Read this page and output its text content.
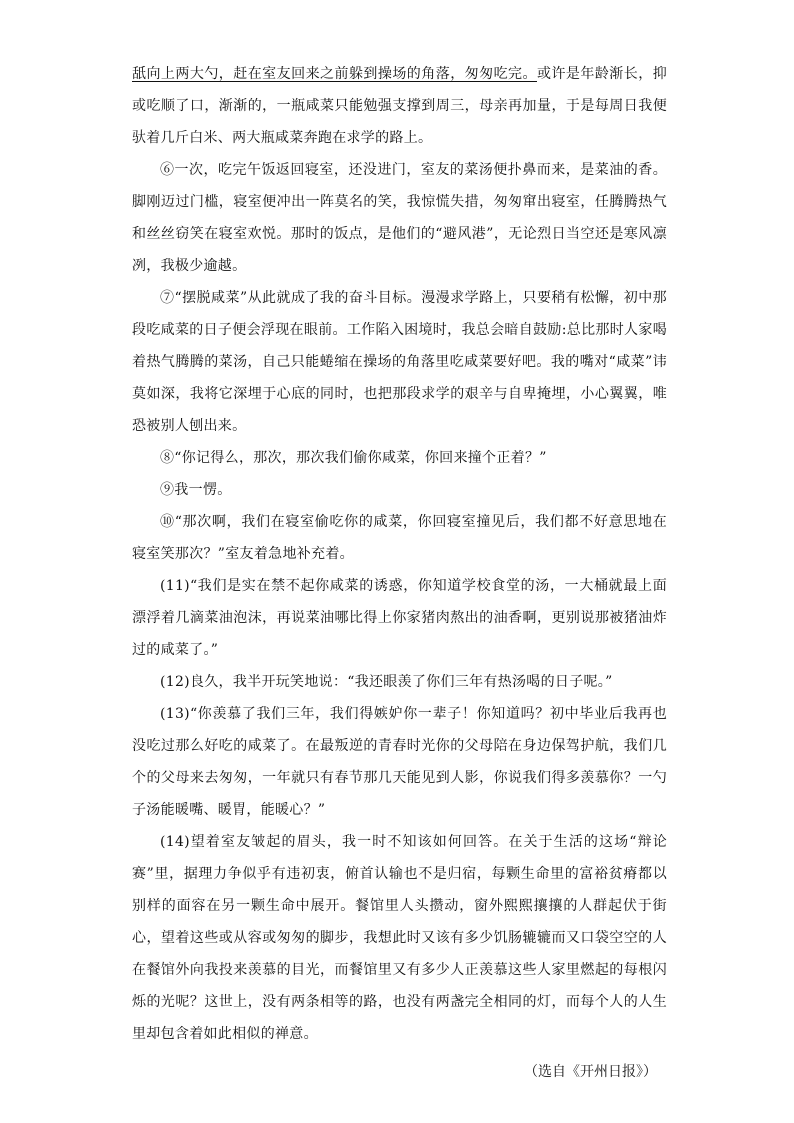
舐向上两大勺，赶在室友回来之前躲到操场的角落，匆匆吃完。或许是年龄渐长，抑或吃顺了口，渐渐的，一瓶咸菜只能勉强支撑到周三，母亲再加量，于是每周日我便驮着几斤白米、两大瓶咸菜奔跑在求学的路上。

⑥一次，吃完午饭返回寝室，还没进门，室友的菜汤便扑鼻而来，是菜油的香。脚刚迈过门槛，寝室便冲出一阵莫名的笑，我惊慌失措，匆匆窜出寝室，任腾腾热气和丝丝窃笑在寝室欢悦。那时的饭点，是他们的“避风港”，无论烈日当空还是寒风凛冽，我极少逾越。

⑦“摆脱咸菜”从此就成了我的奋斗目标。漫漫求学路上，只要稍有松懈，初中那段吃咸菜的日子便会浮现在眼前。工作陷入困境时，我总会暗自鼓励:总比那时人家喝着热气腾腾的菜汤，自己只能蜷缩在操场的角落里吃咸菜要好吧。我的嘴对“咸菜”讳莫如深，我将它深埋于心底的同时，也把那段求学的艰辛与自卑掩埋，小心翼翼，唯恐被别人刨出来。

⑧“你记得么，那次，那次我们偷你咸菜，你回来撞个正着？”

⑨我一愣。

⑩“那次啊，我们在寝室偷吃你的咸菜，你回寝室撞见后，我们都不好意思地在寝室笑那次？”室友着急地补充着。

(11)“我们是实在禁不起你咸菜的诱惑，你知道学校食堂的汤，一大桶就最上面漂浮着几滴菜油泡沫，再说菜油哪比得上你家猪肉熬出的油香啊，更别说那被猪油炸过的咸菜了。”

(12)良久，我半开玩笑地说：“我还眼羡了你们三年有热汤喝的日子呢。”

(13)“你羡慕了我们三年，我们得嫉妒你一辈子！你知道吗？初中毕业后我再也没吃过那么好吃的咸菜了。在最叛逆的青春时光你的父母陪在身边保驾护航，我们几个的父母来去匆匆，一年就只有春节那几天能见到人影，你说我们得多羡慕你？一勺子汤能暖嘴、暖胃，能暖心？”

(14)望着室友皱起的眉头，我一时不知该如何回答。在关于生活的这场“辩论赛”里，据理力争似乎有违初衷，俯首认输也不是归宿，每颗生命里的富裕贫瘠都以别样的面容在另一颗生命中展开。餐馆里人头攒动，窗外熙熙攘攘的人群起伏于街心，望着这些或从容或匆匆的脚步，我想此时又该有多少饥肠辘辘而又口袋空空的人在餐馆外向我投来羡慕的目光，而餐馆里又有多少人正羡慕这些人家里燃起的每根闪烁的光呢？这世上，没有两条相等的路，也没有两盏完全相同的灯，而每个人的人生里却包含着如此相似的禅意。

（选自《开州日报》）
